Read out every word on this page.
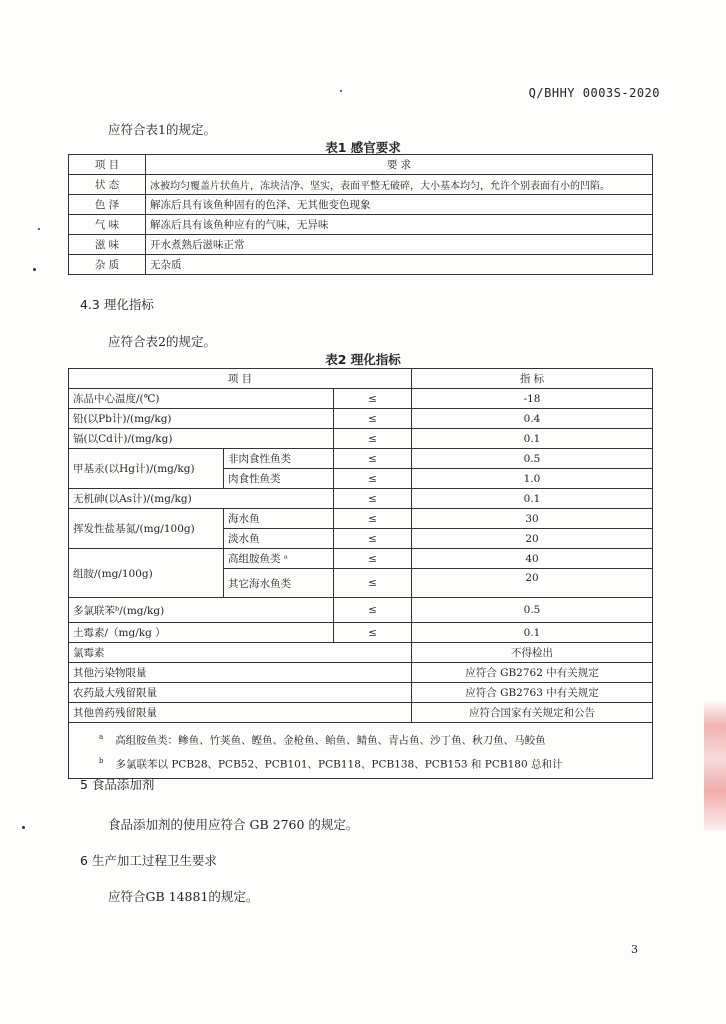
Q/BHHY 0003S-2020
应符合表1的规定。
表1 感官要求
项 目	要 求
状 态	冰被均匀覆盖片状鱼片，冻块洁净、坚实，表面平整无破碎，大小基本均匀，允许个别表面有小的凹陷。
色 泽	解冻后具有该鱼种固有的色泽、无其他变色现象
气 味	解冻后具有该鱼种应有的气味，无异味
滋 味	开水煮熟后滋味正常
杂 质	无杂质
4.3 理化指标
应符合表2的规定。
表2 理化指标
项 目			指 标
冻品中心温度/(℃)		≤	-18
铅(以Pb计)/(mg/kg)		≤	0.4
镉(以Cd计)/(mg/kg)		≤	0.1
甲基汞(以Hg计)/(mg/kg)	非肉食性鱼类	≤	0.5
	肉食性鱼类	≤	1.0
无机砷(以As计)/(mg/kg)		≤	0.1
挥发性盐基氮/(mg/100g)	海水鱼	≤	30
	淡水鱼	≤	20
组胺/(mg/100g)	高组胺鱼类 ᵃ	≤	40
	其它海水鱼类	≤	20
多氯联苯ᵇ/(mg/kg)		≤	0.5
土霉素/（mg/kg ）		≤	0.1
氯霉素			不得检出
其他污染物限量			应符合 GB2762 中有关规定
农药最大残留限量			应符合 GB2763 中有关规定
其他兽药残留限量			应符合国家有关规定和公告

$^a$ 高组胺鱼类：鲹鱼、竹荚鱼、鲣鱼、金枪鱼、鲐鱼、鲭鱼、青占鱼、沙丁鱼、秋刀鱼、马鲛鱼
$^b$ 多氯联苯以 PCB28、PCB52、PCB101、PCB118、PCB138、PCB153 和 PCB180 总和计			
5 食品添加剂
食品添加剂的使用应符合 GB 2760 的规定。
6 生产加工过程卫生要求
应符合GB 14881的规定。
3
